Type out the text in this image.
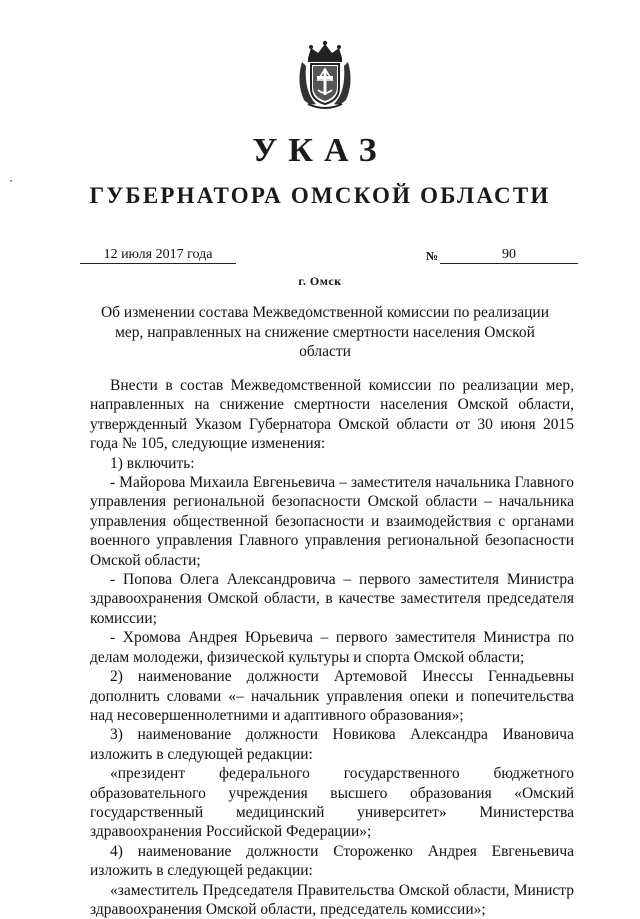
УКАЗ
ГУБЕРНАТОРА ОМСКОЙ ОБЛАСТИ
12 июля 2017 года	№	90
г. Омск
Об изменении состава Межведомственной комиссии по реализации мер, направленных на снижение смертности населения Омской области

Внести в состав Межведомственной комиссии по реализации мер, направленных на снижение смертности населения Омской области, утвержденный Указом Губернатора Омской области от 30 июня 2015 года № 105, следующие изменения:

1) включить:

- Майорова Михаила Евгеньевича – заместителя начальника Главного управления региональной безопасности Омской области – начальника управления общественной безопасности и взаимодействия с органами военного управления Главного управления региональной безопасности Омской области;

- Попова Олега Александровича – первого заместителя Министра здравоохранения Омской области, в качестве заместителя председателя комиссии;

- Хромова Андрея Юрьевича – первого заместителя Министра по делам молодежи, физической культуры и спорта Омской области;

2) наименование должности Артемовой Инессы Геннадьевны дополнить словами «– начальник управления опеки и попечительства над несовершеннолетними и адаптивного образования»;

3) наименование должности Новикова Александра Ивановича изложить в следующей редакции:

«президент федерального государственного бюджетного образовательного учреждения высшего образования «Омский государственный медицинский университет» Министерства здравоохранения Российской Федерации»;

4) наименование должности Стороженко Андрея Евгеньевича изложить в следующей редакции:

«заместитель Председателя Правительства Омской области, Министр здравоохранения Омской области, председатель комиссии»;
